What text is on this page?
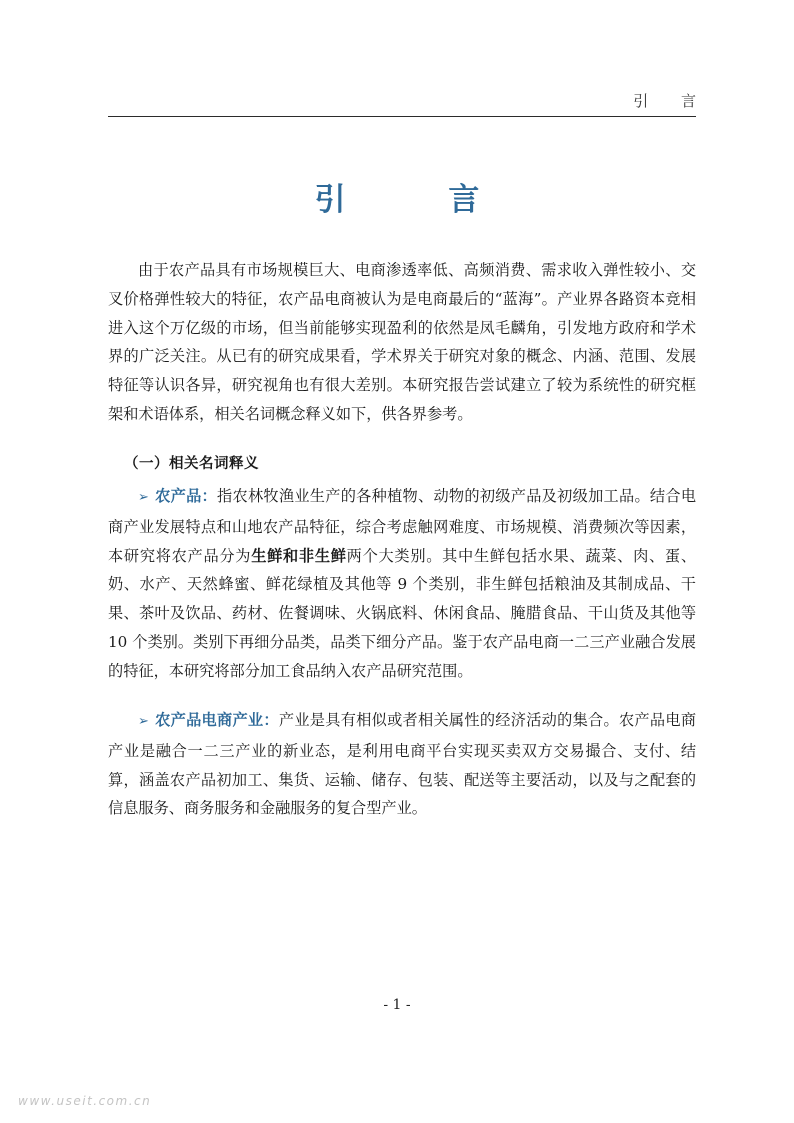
引 言
引 言

由于农产品具有市场规模巨大、电商渗透率低、高频消费、需求收入弹性较小、交叉价格弹性较大的特征，农产品电商被认为是电商最后的“蓝海”。产业界各路资本竞相进入这个万亿级的市场，但当前能够实现盈利的依然是凤毛麟角，引发地方政府和学术界的广泛关注。从已有的研究成果看，学术界关于研究对象的概念、内涵、范围、发展特征等认识各异，研究视角也有很大差别。本研究报告尝试建立了较为系统性的研究框架和术语体系，相关名词概念释义如下，供各界参考。

（一）相关名词释义

➢ 农产品：指农林牧渔业生产的各种植物、动物的初级产品及初级加工品。结合电商产业发展特点和山地农产品特征，综合考虑触网难度、市场规模、消费频次等因素，本研究将农产品分为生鲜和非生鲜两个大类别。其中生鲜包括水果、蔬菜、肉、蛋、奶、水产、天然蜂蜜、鲜花绿植及其他等 9 个类别，非生鲜包括粮油及其制成品、干果、茶叶及饮品、药材、佐餐调味、火锅底料、休闲食品、腌腊食品、干山货及其他等 10 个类别。类别下再细分品类，品类下细分产品。鉴于农产品电商一二三产业融合发展的特征，本研究将部分加工食品纳入农产品研究范围。

➢ 农产品电商产业：产业是具有相似或者相关属性的经济活动的集合。农产品电商产业是融合一二三产业的新业态，是利用电商平台实现买卖双方交易撮合、支付、结算，涵盖农产品初加工、集货、运输、储存、包装、配送等主要活动，以及与之配套的信息服务、商务服务和金融服务的复合型产业。

- 1 -
www.useit.com.cn
